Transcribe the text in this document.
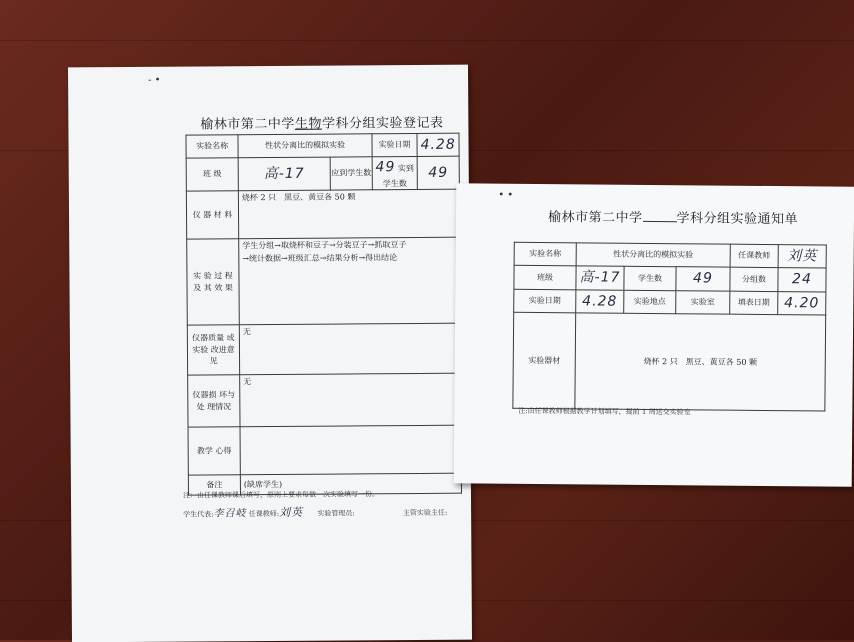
- •
榆林市第二中学生物学科分组实验登记表
实验名称	性状分离比的模拟实验		实验日期	4.28
班 级	高-17	应到学生数	49 实到学生数	49
仪 器 材 料	烧杯 2 只　黑豆、黄豆各 50 颗			
实 验 过 程 及 其 效 果	学生分组→取烧杯和豆子→分装豆子→抓取豆子
→统计数据→班级汇总→结果分析→得出结论			

仪器质量 或实验 改进意见	无			
仪器损 坏与处 理情况	无			
教学 心得				
备注	(缺席学生)			
注：由任课教师课后填写，原则上要求每做一次实验填写一份。
学生代表:李召岐 任课教师:刘英 实验管理员:	主管实验主任:
• •
榆林市第二中学	学科分组实验通知单
实验名称	性状分离比的模拟实验			任课教师	刘英
班级	高-17	学生数	49	分组数	24
实验日期	4.28	实验地点	实验室	填表日期	4.20
实验器材	烧杯 2 只　黑豆、黄豆各 50 颗				
注:由任课教师根据教学计划填写，提前 1 周送交实验室
